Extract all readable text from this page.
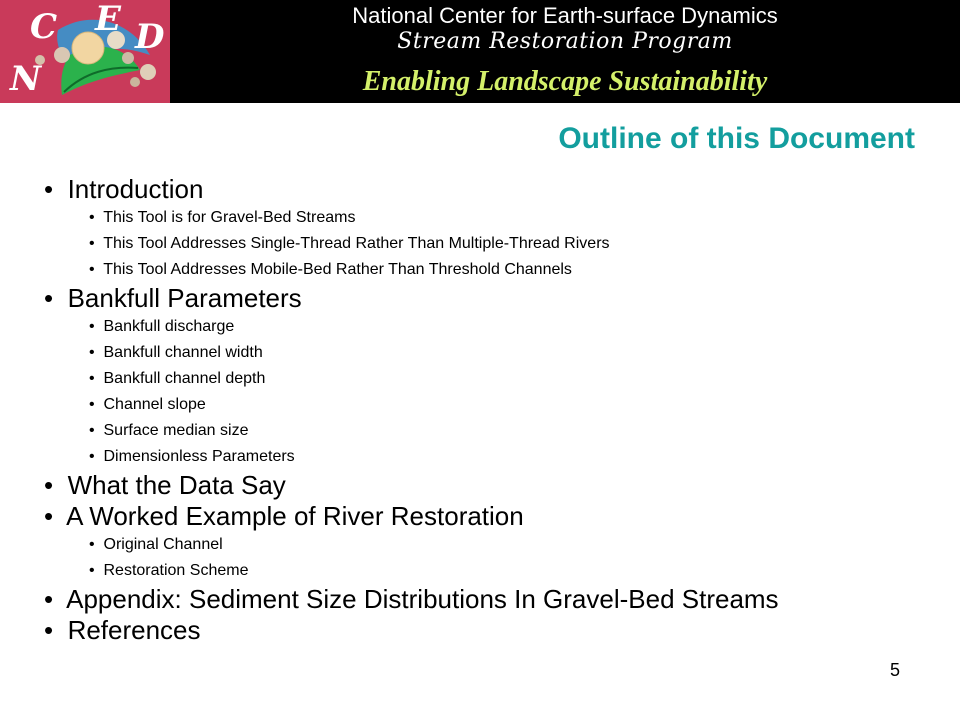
C E D
N
National Center for Earth-surface Dynamics
Stream Restoration Program
Enabling Landscape Sustainability
Outline of this Document
•  Introduction
•  This Tool is for Gravel-Bed Streams
•  This Tool Addresses Single-Thread Rather Than Multiple-Thread Rivers
•  This Tool Addresses Mobile-Bed Rather Than Threshold Channels
•  Bankfull Parameters
•  Bankfull discharge
•  Bankfull channel width
•  Bankfull channel depth
•  Channel slope
•  Surface median size
•  Dimensionless Parameters
•  What the Data Say
•  A Worked Example of River Restoration
•  Original Channel
•  Restoration Scheme
•  Appendix: Sediment Size Distributions In Gravel-Bed Streams
•  References
5
